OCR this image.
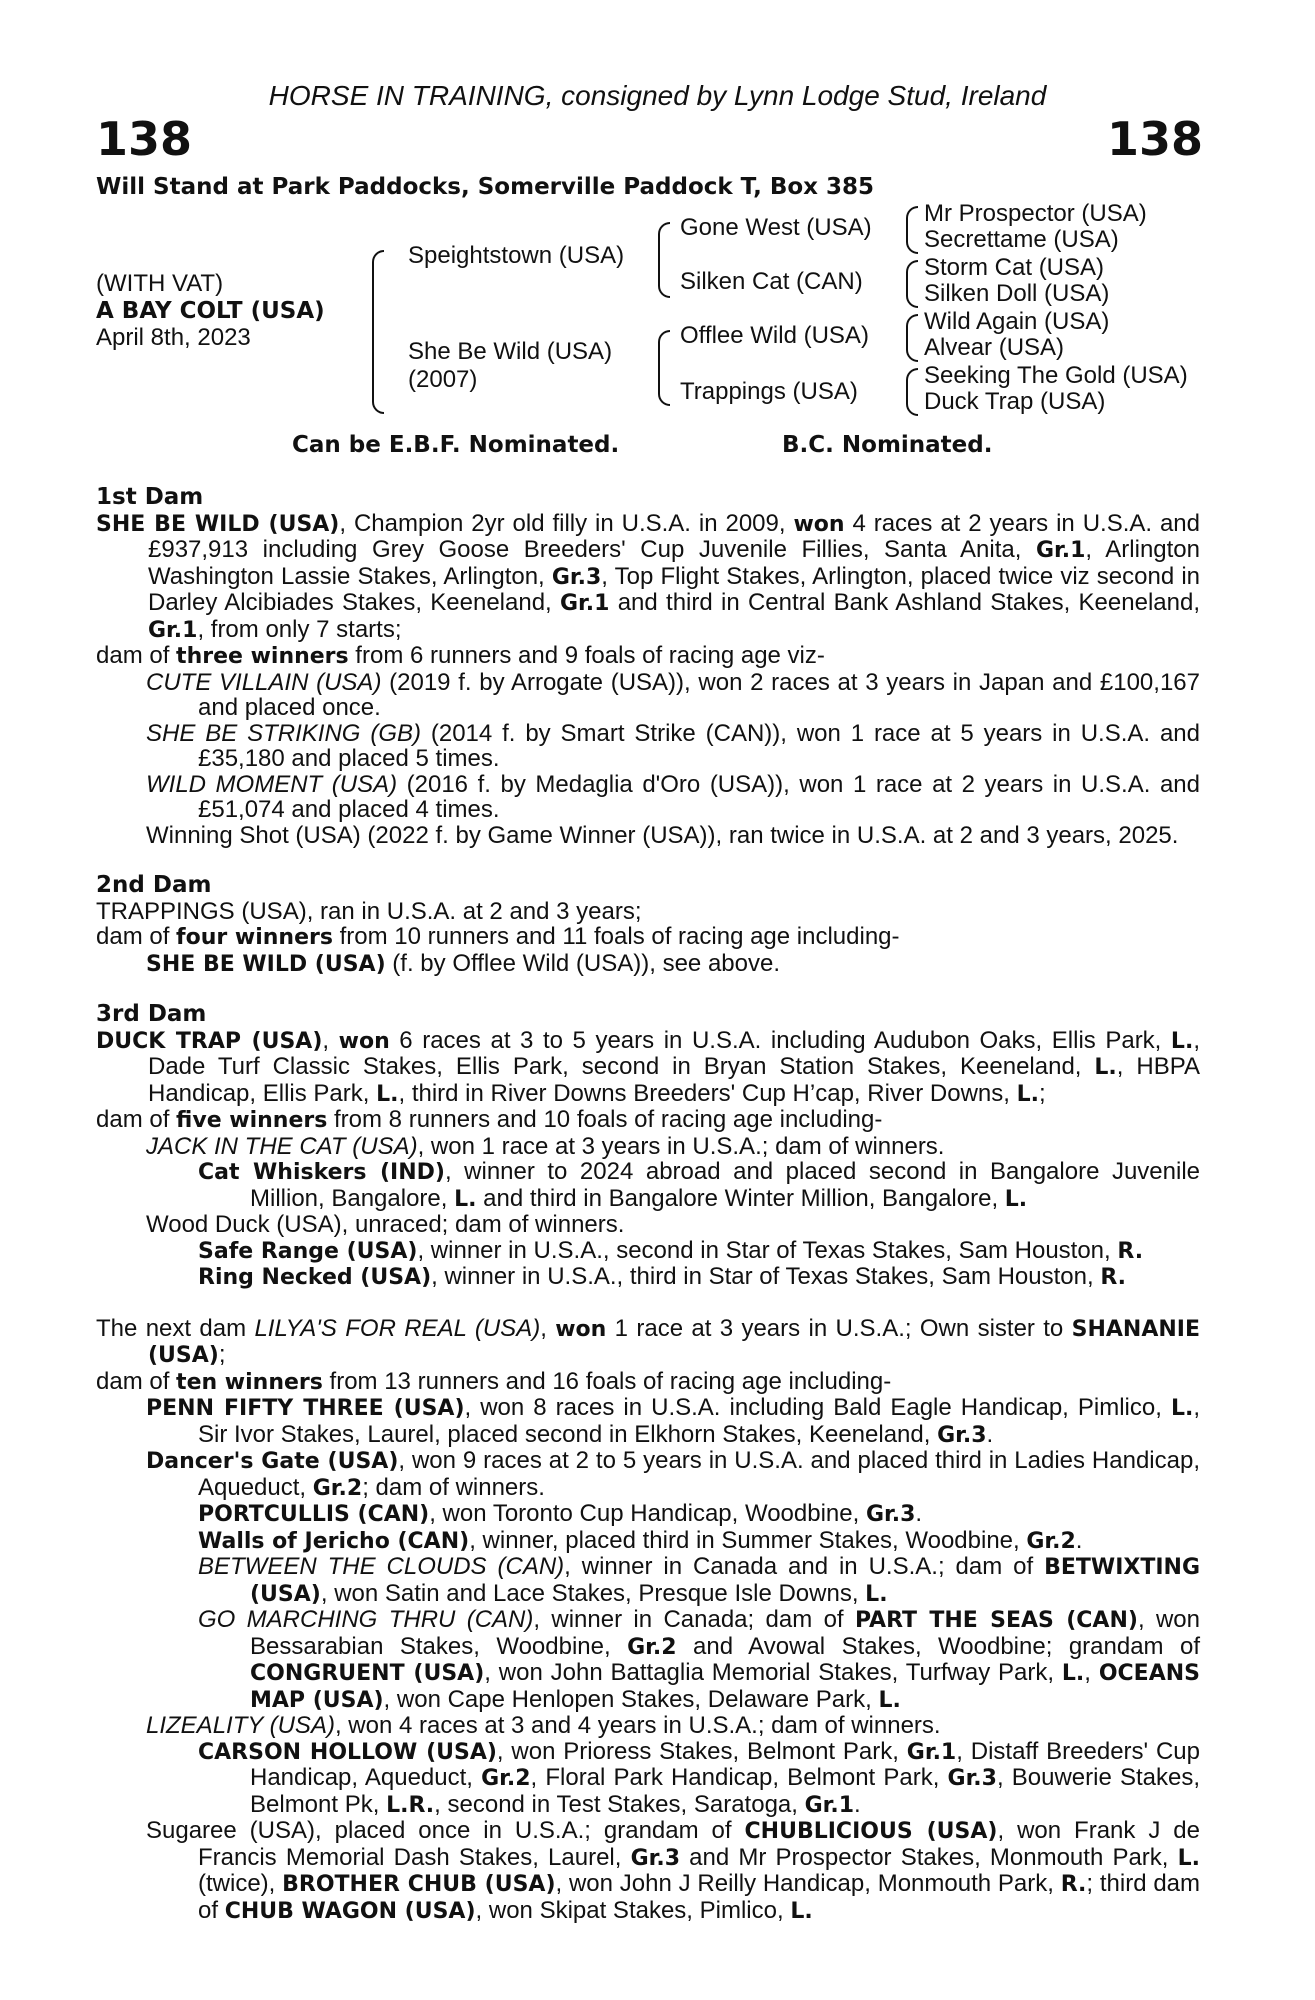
HORSE IN TRAINING, consigned by Lynn Lodge Stud, Ireland
138	138
Will Stand at Park Paddocks, Somerville Paddock T, Box 385
(WITH VAT)
A BAY COLT (USA)
April 8th, 2023
Speightstown (USA)
She Be Wild (USA)
(2007)
Gone West (USA)
Silken Cat (CAN)
Offlee Wild (USA)
Trappings (USA)
Mr Prospector (USA)
Secrettame (USA)
Storm Cat (USA)
Silken Doll (USA)
Wild Again (USA)
Alvear (USA)
Seeking The Gold (USA)
Duck Trap (USA)
Can be E.B.F. Nominated.	B.C. Nominated.

1st Dam

SHE BE WILD (USA), Champion 2yr old filly in U.S.A. in 2009, won 4 races at 2 years in U.S.A. and £937,913 including Grey Goose Breeders' Cup Juvenile Fillies, Santa Anita, Gr.1, Arlington Washington Lassie Stakes, Arlington, Gr.3, Top Flight Stakes, Arlington, placed twice viz second in Darley Alcibiades Stakes, Keeneland, Gr.1 and third in Central Bank Ashland Stakes, Keeneland, Gr.1, from only 7 starts;

dam of three winners from 6 runners and 9 foals of racing age viz-

CUTE VILLAIN (USA) (2019 f. by Arrogate (USA)), won 2 races at 3 years in Japan and £100,167 and placed once.

SHE BE STRIKING (GB) (2014 f. by Smart Strike (CAN)), won 1 race at 5 years in U.S.A. and £35,180 and placed 5 times.

WILD MOMENT (USA) (2016 f. by Medaglia d'Oro (USA)), won 1 race at 2 years in U.S.A. and £51,074 and placed 4 times.

Winning Shot (USA) (2022 f. by Game Winner (USA)), ran twice in U.S.A. at 2 and 3 years, 2025.

2nd Dam

TRAPPINGS (USA), ran in U.S.A. at 2 and 3 years;

dam of four winners from 10 runners and 11 foals of racing age including-

SHE BE WILD (USA) (f. by Offlee Wild (USA)), see above.

3rd Dam

DUCK TRAP (USA), won 6 races at 3 to 5 years in U.S.A. including Audubon Oaks, Ellis Park, L., Dade Turf Classic Stakes, Ellis Park, second in Bryan Station Stakes, Keeneland, L., HBPA Handicap, Ellis Park, L., third in River Downs Breeders' Cup H’cap, River Downs, L.;

dam of five winners from 8 runners and 10 foals of racing age including-

JACK IN THE CAT (USA), won 1 race at 3 years in U.S.A.; dam of winners.

Cat Whiskers (IND), winner to 2024 abroad and placed second in Bangalore Juvenile Million, Bangalore, L. and third in Bangalore Winter Million, Bangalore, L.

Wood Duck (USA), unraced; dam of winners.

Safe Range (USA), winner in U.S.A., second in Star of Texas Stakes, Sam Houston, R.

Ring Necked (USA), winner in U.S.A., third in Star of Texas Stakes, Sam Houston, R.

The next dam LILYA'S FOR REAL (USA), won 1 race at 3 years in U.S.A.; Own sister to SHANANIE (USA);

dam of ten winners from 13 runners and 16 foals of racing age including-

PENN FIFTY THREE (USA), won 8 races in U.S.A. including Bald Eagle Handicap, Pimlico, L., Sir Ivor Stakes, Laurel, placed second in Elkhorn Stakes, Keeneland, Gr.3.

Dancer's Gate (USA), won 9 races at 2 to 5 years in U.S.A. and placed third in Ladies Handicap, Aqueduct, Gr.2; dam of winners.

PORTCULLIS (CAN), won Toronto Cup Handicap, Woodbine, Gr.3.

Walls of Jericho (CAN), winner, placed third in Summer Stakes, Woodbine, Gr.2.

BETWEEN THE CLOUDS (CAN), winner in Canada and in U.S.A.; dam of BETWIXTING (USA), won Satin and Lace Stakes, Presque Isle Downs, L.

GO MARCHING THRU (CAN), winner in Canada; dam of PART THE SEAS (CAN), won Bessarabian Stakes, Woodbine, Gr.2 and Avowal Stakes, Woodbine; grandam of CONGRUENT (USA), won John Battaglia Memorial Stakes, Turfway Park, L., OCEANS MAP (USA), won Cape Henlopen Stakes, Delaware Park, L.

LIZEALITY (USA), won 4 races at 3 and 4 years in U.S.A.; dam of winners.

CARSON HOLLOW (USA), won Prioress Stakes, Belmont Park, Gr.1, Distaff Breeders' Cup Handicap, Aqueduct, Gr.2, Floral Park Handicap, Belmont Park, Gr.3, Bouwerie Stakes, Belmont Pk, L.R., second in Test Stakes, Saratoga, Gr.1.

Sugaree (USA), placed once in U.S.A.; grandam of CHUBLICIOUS (USA), won Frank J de Francis Memorial Dash Stakes, Laurel, Gr.3 and Mr Prospector Stakes, Monmouth Park, L. (twice), BROTHER CHUB (USA), won John J Reilly Handicap, Monmouth Park, R.; third dam of CHUB WAGON (USA), won Skipat Stakes, Pimlico, L.
